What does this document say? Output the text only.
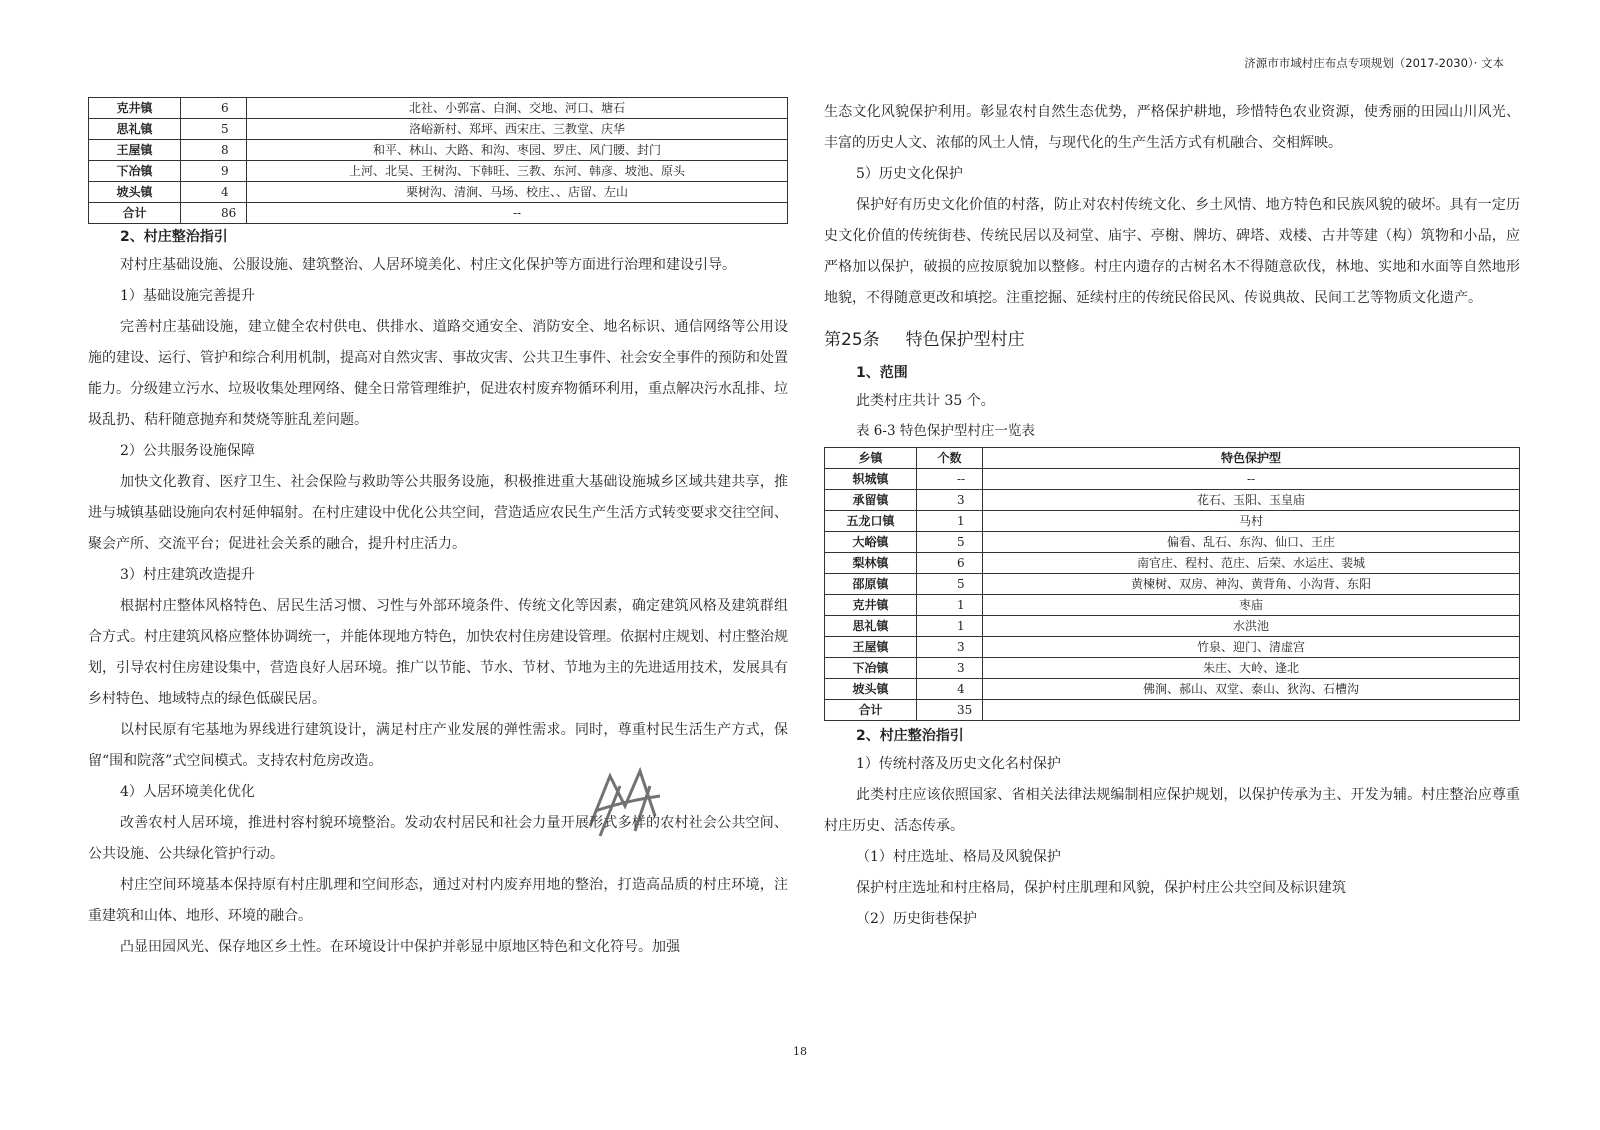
济源市市域村庄布点专项规划（2017-2030）· 文本
克井镇	6	北社、小郭富、白涧、交地、河口、塘石
思礼镇	5	洛峪新村、郑坪、西宋庄、三教堂、庆华
王屋镇	8	和平、林山、大路、和沟、枣园、罗庄、风门腰、封门
下冶镇	9	上河、北吴、王树沟、下韩旺、三教、东河、韩彦、坡池、原头
坡头镇	4	栗树沟、清涧、马场、校庄、、店留、左山
合计	86	--
2、村庄整治指引

对村庄基础设施、公服设施、建筑整治、人居环境美化、村庄文化保护等方面进行治理和建设引导。

1）基础设施完善提升

完善村庄基础设施，建立健全农村供电、供排水、道路交通安全、消防安全、地名标识、通信网络等公用设施的建设、运行、管护和综合利用机制，提高对自然灾害、事故灾害、公共卫生事件、社会安全事件的预防和处置能力。分级建立污水、垃圾收集处理网络、健全日常管理维护，促进农村废弃物循环利用，重点解决污水乱排、垃圾乱扔、秸秆随意抛弃和焚烧等脏乱差问题。

2）公共服务设施保障

加快文化教育、医疗卫生、社会保险与救助等公共服务设施，积极推进重大基础设施城乡区域共建共享，推进与城镇基础设施向农村延伸辐射。在村庄建设中优化公共空间，营造适应农民生产生活方式转变要求交往空间、聚会产所、交流平台；促进社会关系的融合，提升村庄活力。

3）村庄建筑改造提升

根据村庄整体风格特色、居民生活习惯、习性与外部环境条件、传统文化等因素，确定建筑风格及建筑群组合方式。村庄建筑风格应整体协调统一，并能体现地方特色，加快农村住房建设管理。依据村庄规划、村庄整治规划，引导农村住房建设集中，营造良好人居环境。推广以节能、节水、节材、节地为主的先进适用技术，发展具有乡村特色、地域特点的绿色低碳民居。

以村民原有宅基地为界线进行建筑设计，满足村庄产业发展的弹性需求。同时，尊重村民生活生产方式，保留“围和院落”式空间模式。支持农村危房改造。

4）人居环境美化优化

改善农村人居环境，推进村容村貌环境整治。发动农村居民和社会力量开展形式多样的农村社会公共空间、公共设施、公共绿化管护行动。

村庄空间环境基本保持原有村庄肌理和空间形态，通过对村内废弃用地的整治，打造高品质的村庄环境，注重建筑和山体、地形、环境的融合。

凸显田园风光、保存地区乡土性。在环境设计中保护并彰显中原地区特色和文化符号。加强

生态文化风貌保护利用。彰显农村自然生态优势，严格保护耕地，珍惜特色农业资源，使秀丽的田园山川风光、丰富的历史人文、浓郁的风土人情，与现代化的生产生活方式有机融合、交相辉映。

5）历史文化保护

保护好有历史文化价值的村落，防止对农村传统文化、乡土风情、地方特色和民族风貌的破坏。具有一定历史文化价值的传统街巷、传统民居以及祠堂、庙宇、亭榭、牌坊、碑塔、戏楼、古井等建（构）筑物和小品，应严格加以保护，破损的应按原貌加以整修。村庄内遗存的古树名木不得随意砍伐，林地、实地和水面等自然地形地貌，不得随意更改和填挖。注重挖掘、延续村庄的传统民俗民风、传说典故、民间工艺等物质文化遗产。

第25条 特色保护型村庄
1、范围

此类村庄共计 35 个。

表 6-3 特色保护型村庄一览表
乡镇	个数	特色保护型
轵城镇	--	--
承留镇	3	花石、玉阳、玉皇庙
五龙口镇	1	马村
大峪镇	5	偏看、乱石、东沟、仙口、王庄
梨林镇	6	南官庄、程村、范庄、后荣、水运庄、裴城
邵原镇	5	黄楝树、双房、神沟、黄背角、小沟背、东阳
克井镇	1	枣庙
思礼镇	1	水洪池
王屋镇	3	竹泉、迎门、清虚宫
下冶镇	3	朱庄、大岭、逢北
坡头镇	4	佛涧、郝山、双堂、泰山、狄沟、石槽沟
合计	35	
2、村庄整治指引

1）传统村落及历史文化名村保护

此类村庄应该依照国家、省相关法律法规编制相应保护规划，以保护传承为主、开发为辅。村庄整治应尊重村庄历史、活态传承。

（1）村庄选址、格局及风貌保护

保护村庄选址和村庄格局，保护村庄肌理和风貌，保护村庄公共空间及标识建筑

（2）历史街巷保护

18
